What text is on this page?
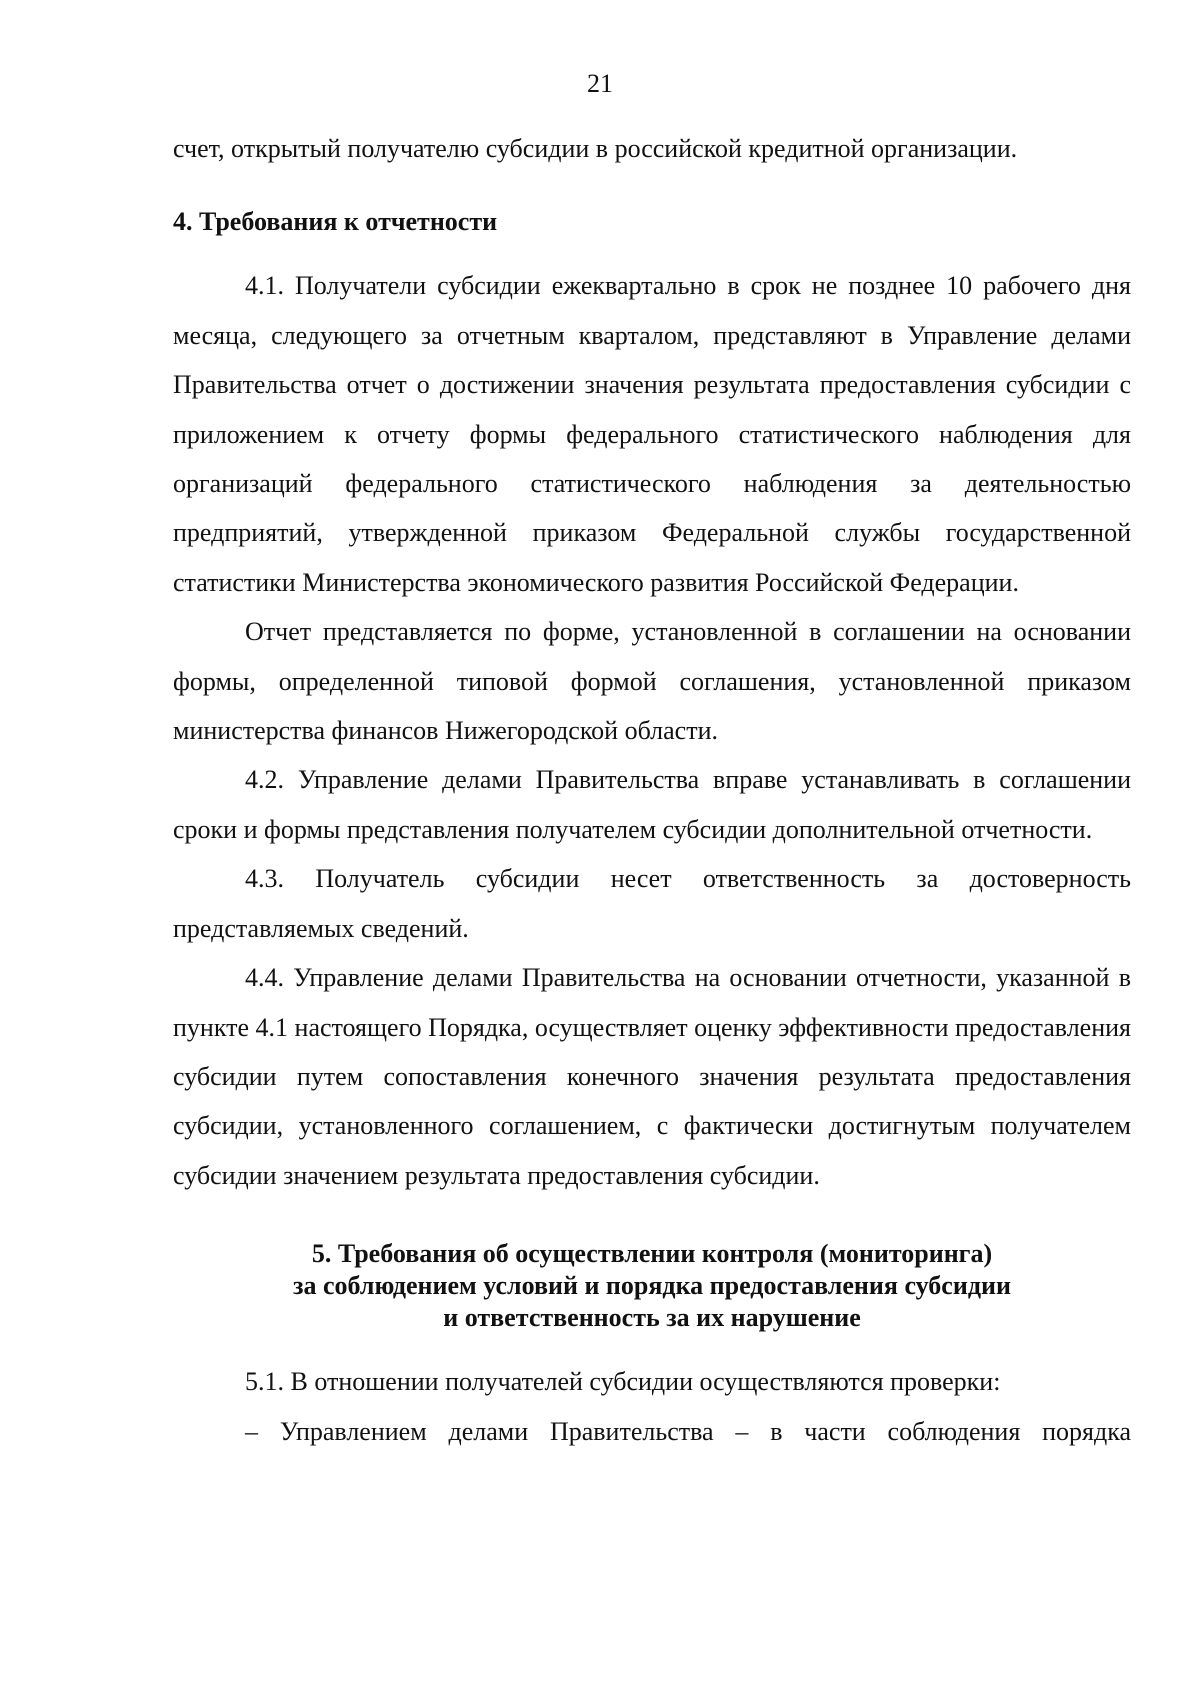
21

счет, открытый получателю субсидии в российской кредитной организации.

4. Требования к отчетности

4.1. Получатели субсидии ежеквартально в срок не позднее 10 рабочего дня месяца, следующего за отчетным кварталом, представляют в Управление делами Правительства отчет о достижении значения результата предоставления субсидии с приложением к отчету формы федерального статистического наблюдения для организаций федерального статистического наблюдения за деятельностью предприятий, утвержденной приказом Федеральной службы государственной статистики Министерства экономического развития Российской Федерации.

Отчет представляется по форме, установленной в соглашении на основании формы, определенной типовой формой соглашения, установленной приказом министерства финансов Нижегородской области.

4.2. Управление делами Правительства вправе устанавливать в соглашении сроки и формы представления получателем субсидии дополнительной отчетности.

4.3. Получатель субсидии несет ответственность за достоверность представляемых сведений.

4.4. Управление делами Правительства на основании отчетности, указанной в пункте 4.1 настоящего Порядка, осуществляет оценку эффективности предоставления субсидии путем сопоставления конечного значения результата предоставления субсидии, установленного соглашением, с фактически достигнутым получателем субсидии значением результата предоставления субсидии.

5. Требования об осуществлении контроля (мониторинга)
за соблюдением условий и порядка предоставления субсидии
и ответственность за их нарушение

5.1. В отношении получателей субсидии осуществляются проверки:

– Управлением делами Правительства – в части соблюдения порядка
